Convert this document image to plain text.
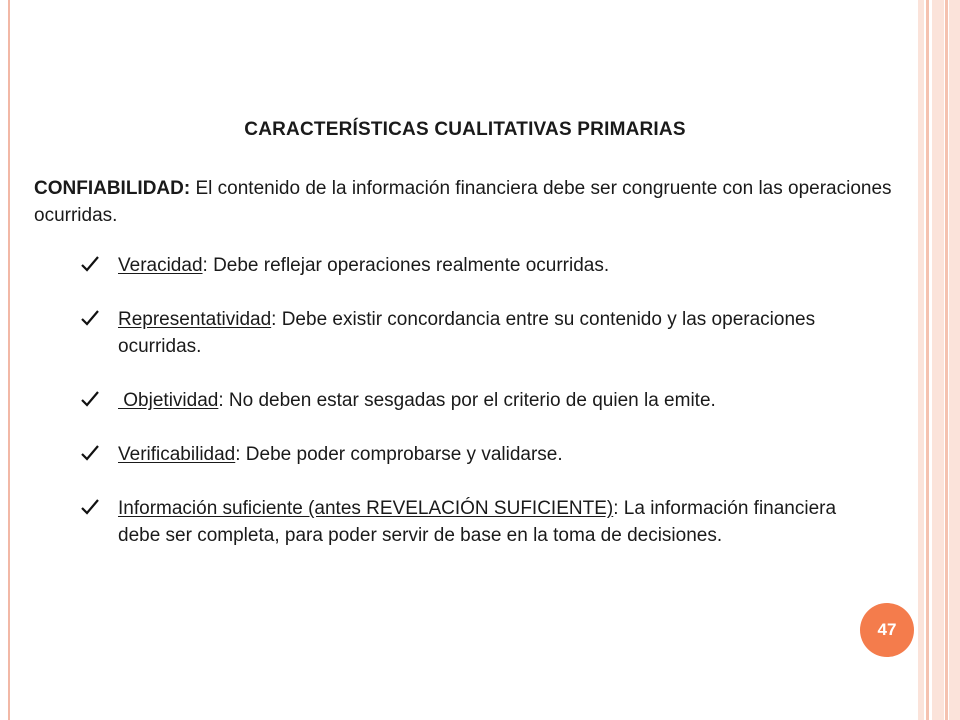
CARACTERÍSTICAS CUALITATIVAS PRIMARIAS
CONFIABILIDAD: El contenido de la información financiera debe ser congruente con las operaciones ocurridas.
Veracidad: Debe reflejar operaciones realmente ocurridas.
Representatividad: Debe existir concordancia entre su contenido y las operaciones ocurridas.
Objetividad: No deben estar sesgadas por el criterio de quien la emite.
Verificabilidad: Debe poder comprobarse y validarse.
Información suficiente (antes REVELACIÓN SUFICIENTE): La información financiera debe ser completa, para poder servir de base en la toma de decisiones.
47
